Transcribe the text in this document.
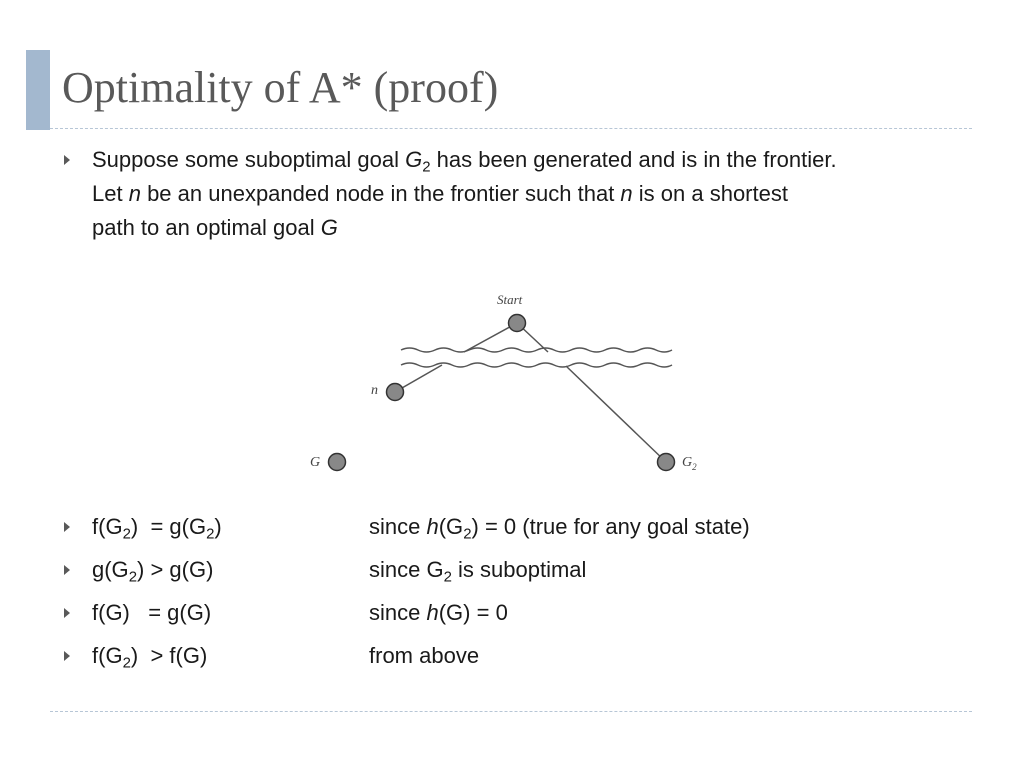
Optimality of A* (proof)
Suppose some suboptimal goal $G_2$ has been generated and is in the frontier.
Let n be an unexpanded node in the frontier such that n is on a shortest
path to an optimal goal G
Start
n
G	$G_2$
$f(G_2) = g(G_2)$	since $h(G_2) = 0$ (true for any goal state)
$g(G_2) > g(G)$	since $G_2$ is suboptimal
f(G)   = g(G)	since h(G) = 0
$f(G_2) > f(G)$	from above
